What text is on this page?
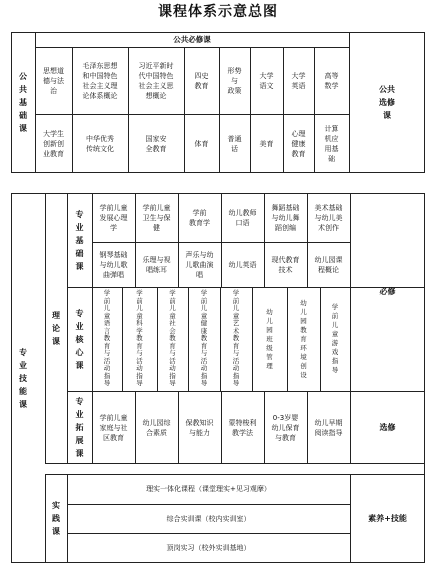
课程体系示意总图
公
共
基
础
课
公共必修课
公共
选修
课
思想道
德与法
治
毛泽东思想
和中国特色
社会主义理
论体系概论
习近平新时
代中国特色
社会主义思
想概论
四史
教育
形势
与
政策
大学
语文
大学
英语
高等
数学
大学生
创新创
业教育
中华优秀
传统文化
国家安
全教育
体育
普通
话
美育
心理
健康
教育
计算
机应
用基
础
专
业
技
能
课
理
论
课
专
业
基
础
课
学前儿童
发展心理
学
学前儿童
卫生与保
健
学前
教育学
幼儿教师
口语
舞蹈基础
与幼儿舞
蹈创编
美术基础
与幼儿美
术创作
钢琴基础
与幼儿歌
曲弹唱
乐理与视
唱练耳
声乐与幼
儿歌曲演
唱
幼儿英语
现代教育
技术
幼儿园课
程概论
专
业
核
心
课
学
前
儿
童
语
言
教
育
与
活
动
指
导
学
前
儿
童
科
学
教
育
与
活
动
指
导
学
前
儿
童
社
会
教
育
与
活
动
指
导
学
前
儿
童
健
康
教
育
与
活
动
指
导
学
前
儿
童
艺
术
教
育
与
活
动
指
导
幼
儿
园
班
级
管
理
幼
儿
园
教
育
环
境
创
设
学
前
儿
童
游
戏
指
导
必修
专
业
拓
展
课
学前儿童
家庭与社
区教育
幼儿园综
合素质
保教知识
与能力
蒙特梭利
教学法
0-3岁婴
幼儿保育
与教育
幼儿早期
阅读指导
选修
实
践
课
理实一体化课程（课堂理实+见习观摩）
综合实训课（校内实训室）
顶岗实习（校外实训基地）
素养+技能
